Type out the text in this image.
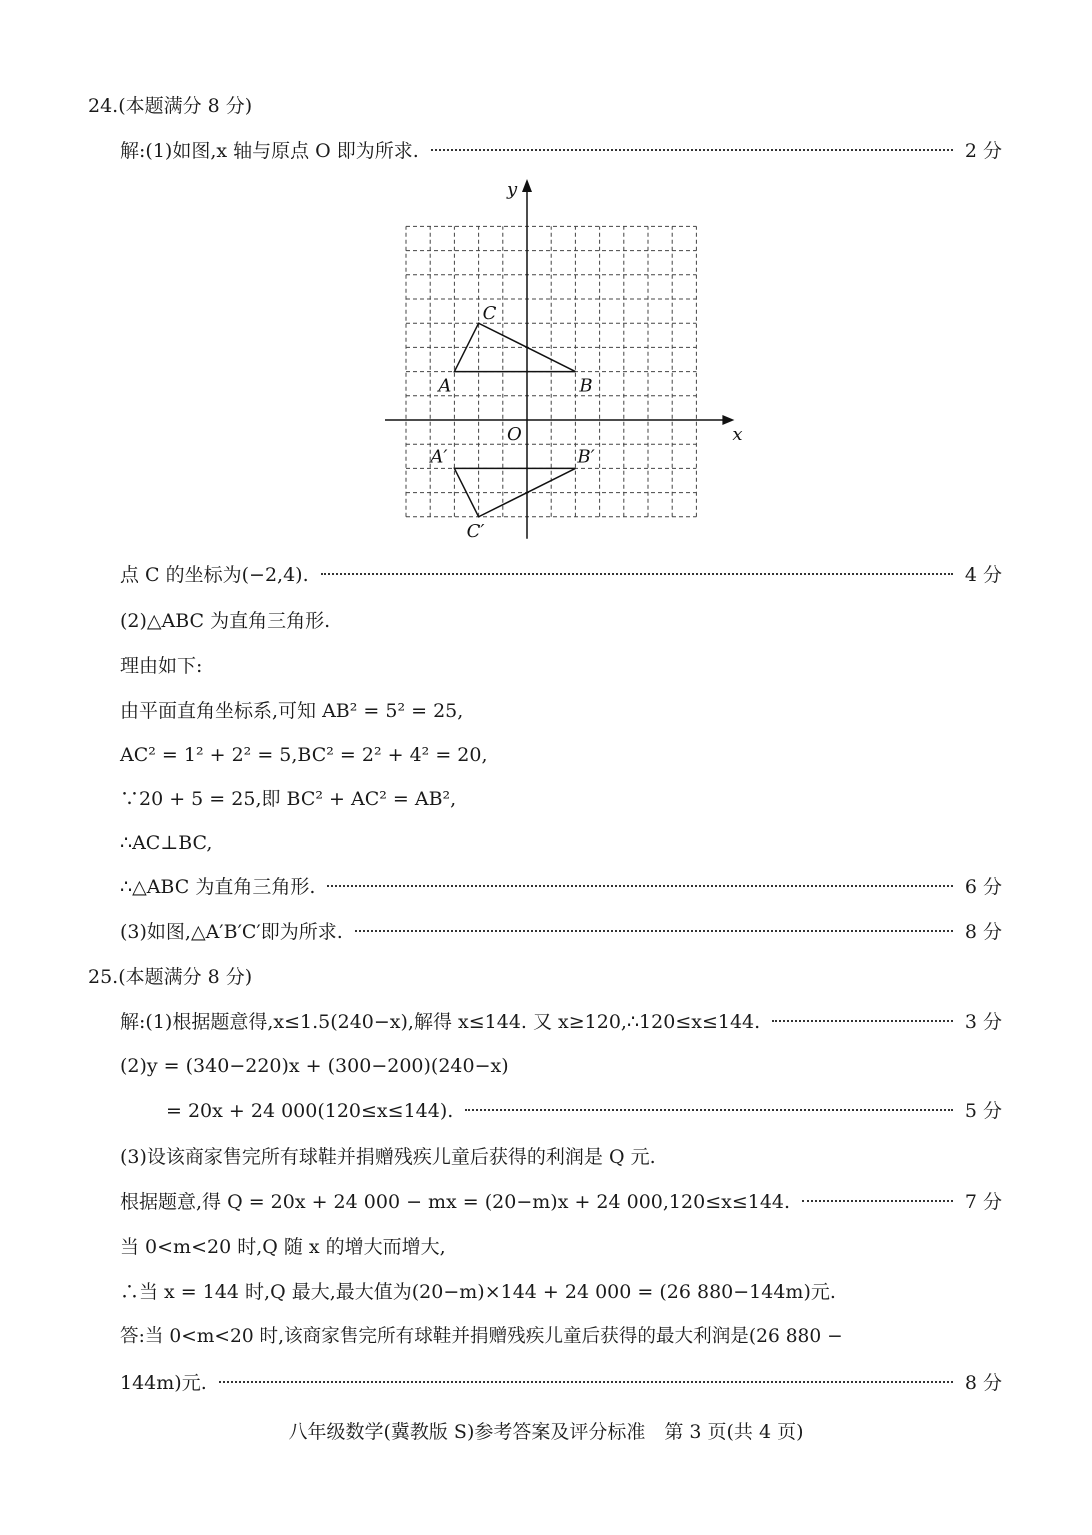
24.(本题满分 8 分)
解:(1)如图,x 轴与原点 O 即为所求.	2 分
x
y
O
A	B
C
A′	B′
C′
点 C 的坐标为(−2,4).	4 分
(2)△ABC 为直角三角形.
理由如下:
由平面直角坐标系,可知 AB² = 5² = 25,
AC² = 1² + 2² = 5,BC² = 2² + 4² = 20,
∵20 + 5 = 25,即 BC² + AC² = AB²,
∴AC⊥BC,
∴△ABC 为直角三角形.	6 分
(3)如图,△A′B′C′即为所求.	8 分
25.(本题满分 8 分)
解:(1)根据题意得,x≤1.5(240−x),解得 x≤144. 又 x≥120,∴120≤x≤144.	3 分
(2)y = (340−220)x + (300−200)(240−x)
= 20x + 24 000(120≤x≤144).	5 分
(3)设该商家售完所有球鞋并捐赠残疾儿童后获得的利润是 Q 元.
根据题意,得 Q = 20x + 24 000 − mx = (20−m)x + 24 000,120≤x≤144.	7 分
当 0<m<20 时,Q 随 x 的增大而增大,
∴当 x = 144 时,Q 最大,最大值为(20−m)×144 + 24 000 = (26 880−144m)元.
答:当 0<m<20 时,该商家售完所有球鞋并捐赠残疾儿童后获得的最大利润是(26 880 −
144m)元.	8 分
八年级数学(冀教版 S)参考答案及评分标准　第 3 页(共 4 页)
